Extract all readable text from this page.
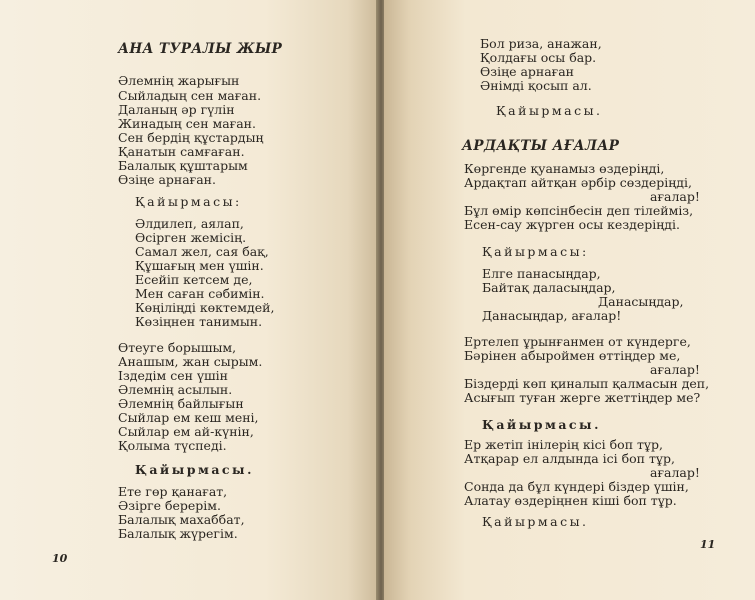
АНА ТУРАЛЫ ЖЫР
Әлемнің жарығын
Сыйладың сен маған.
Даланың әр гүлін
Жинадың сен маған.
Сен бердің құстардың
Қанатын самғаған.
Балалық құштарым
Өзіңе арнаған.
Қайырмасы:
Әлдилеп, аялап,
Өсірген жемісің.
Самал жел, сая бақ,
Құшағың мен үшін.
Есейіп кетсем де,
Мен саған сәбимін.
Көңіліңді көктемдей,
Көзіңнен танимын.
Өтеуге борышым,
Анашым, жан сырым.
Іздедім сен үшін
Әлемнің асылын.
Әлемнің байлығын
Сыйлар ем кеш мені,
Сыйлар ем ай-күнін,
Қолыма түспеді.
Қайырмасы.
Ете гөр қанағат,
Әзірге берерім.
Балалық махаббат,
Балалық жүрегім.
10
Бол риза, анажан,
Қолдағы осы бар.
Өзіңе арнаған
Әнімді қосып ал.
Қайырмасы.
АРДАҚТЫ АҒАЛАР
Көргенде қуанамыз өздеріңді,
Ардақтап айтқан әрбір сөздеріңді,
ағалар!
Бұл өмір көпсінбесін деп тілейміз,
Есен-сау жүрген осы кездеріңді.
Қайырмасы:
Елге панасыңдар,
Байтақ даласыңдар,
Данасыңдар,
Данасыңдар, ағалар!
Ертелеп ұрынғанмен от күндерге,
Бәрінен абыроймен өттіңдер ме,
ағалар!
Біздерді көп қиналып қалмасын деп,
Асығып туған жерге жеттіңдер ме?
Қайырмасы.
Ер жетіп інілерің кісі боп тұр,
Атқарар ел алдында ісі боп тұр,
ағалар!
Сонда да бұл күндері біздер үшін,
Алатау өздеріңнен кіші боп тұр.
Қайырмасы.
11
